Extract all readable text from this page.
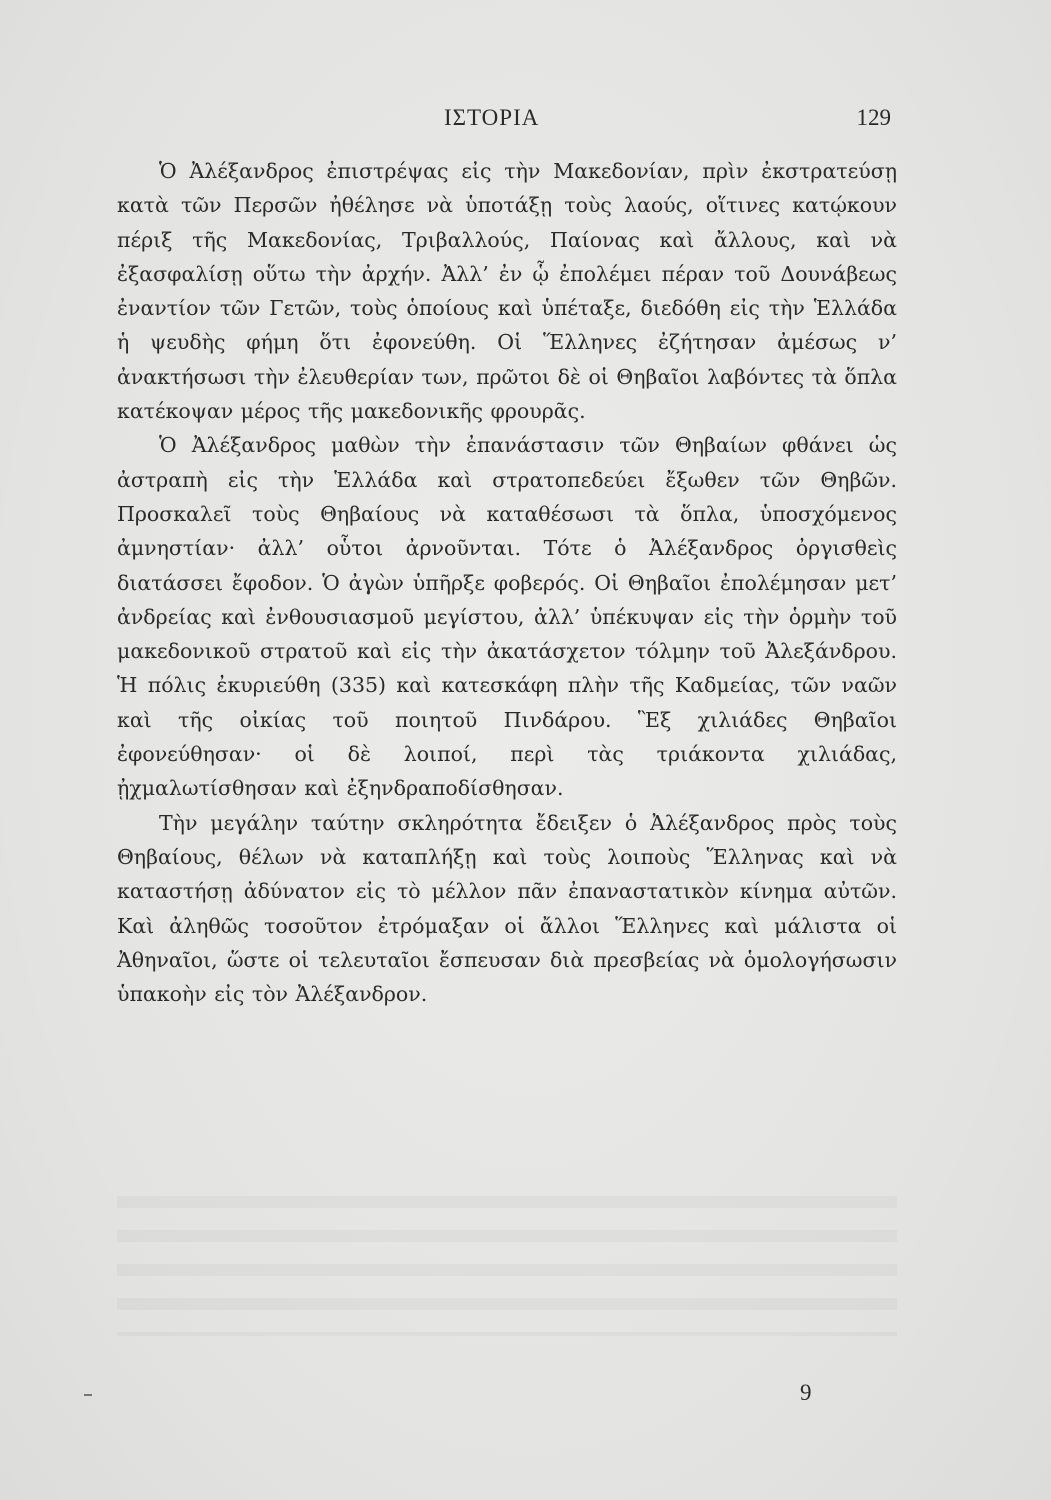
ΙΣΤΟΡΙΑ	129

Ὁ Ἀλέξανδρος ἐπιστρέψας εἰς τὴν Μακεδονίαν, πρὶν ἐκστρατεύσῃ κατὰ τῶν Περσῶν ἠθέλησε νὰ ὑποτάξῃ τοὺς λαούς, οἵτινες κατῴκουν πέριξ τῆς Μακεδονίας, Τριβαλλούς, Παίονας καὶ ἄλλους, καὶ νὰ ἐξασφαλίσῃ οὕτω τὴν ἀρχήν. Ἀλλ’ ἐν ᾧ ἐπολέμει πέραν τοῦ Δουνάβεως ἐναντίον τῶν Γετῶν, τοὺς ὁποίους καὶ ὑπέταξε, διεδόθη εἰς τὴν Ἑλλάδα ἡ ψευδὴς φήμη ὅτι ἐφονεύθη. Οἱ Ἕλληνες ἐζήτησαν ἀμέσως ν’ ἀνακτήσωσι τὴν ἐλευθερίαν των, πρῶτοι δὲ οἱ Θηβαῖοι λαβόντες τὰ ὅπλα κατέκοψαν μέρος τῆς μακεδονικῆς φρουρᾶς.

Ὁ Ἀλέξανδρος μαθὼν τὴν ἐπανάστασιν τῶν Θηβαίων φθάνει ὡς ἀστραπὴ εἰς τὴν Ἑλλάδα καὶ στρατοπεδεύει ἔξωθεν τῶν Θηβῶν. Προσκαλεῖ τοὺς Θηβαίους νὰ καταθέσωσι τὰ ὅπλα, ὑποσχόμενος ἀμνηστίαν· ἀλλ’ οὗτοι ἀρνοῦνται. Τότε ὁ Ἀλέξανδρος ὀργισθεὶς διατάσσει ἔφοδον. Ὁ ἀγὼν ὑπῆρξε φοβερός. Οἱ Θηβαῖοι ἐπολέμησαν μετ’ ἀνδρείας καὶ ἐνθουσιασμοῦ μεγίστου, ἀλλ’ ὑπέκυψαν εἰς τὴν ὁρμὴν τοῦ μακεδονικοῦ στρατοῦ καὶ εἰς τὴν ἀκατάσχετον τόλμην τοῦ Ἀλεξάνδρου. Ἡ πόλις ἐκυριεύθη (335) καὶ κατεσκάφη πλὴν τῆς Καδμείας, τῶν ναῶν καὶ τῆς οἰκίας τοῦ ποιητοῦ Πινδάρου. Ἓξ χιλιάδες Θηβαῖοι ἐφονεύθησαν· οἱ δὲ λοιποί, περὶ τὰς τριάκοντα χιλιάδας, ᾐχμαλωτίσθησαν καὶ ἐξηνδραποδίσθησαν.

Τὴν μεγάλην ταύτην σκληρότητα ἔδειξεν ὁ Ἀλέξανδρος πρὸς τοὺς Θηβαίους, θέλων νὰ καταπλήξῃ καὶ τοὺς λοιποὺς Ἕλληνας καὶ νὰ καταστήσῃ ἀδύνατον εἰς τὸ μέλλον πᾶν ἐπαναστατικὸν κίνημα αὐτῶν. Καὶ ἀληθῶς τοσοῦτον ἐτρόμαξαν οἱ ἄλλοι Ἕλληνες καὶ μάλιστα οἱ Ἀθηναῖοι, ὥστε οἱ τελευταῖοι ἔσπευσαν διὰ πρεσβείας νὰ ὁμολογήσωσιν ὑπακοὴν εἰς τὸν Ἀλέξανδρον.

9
